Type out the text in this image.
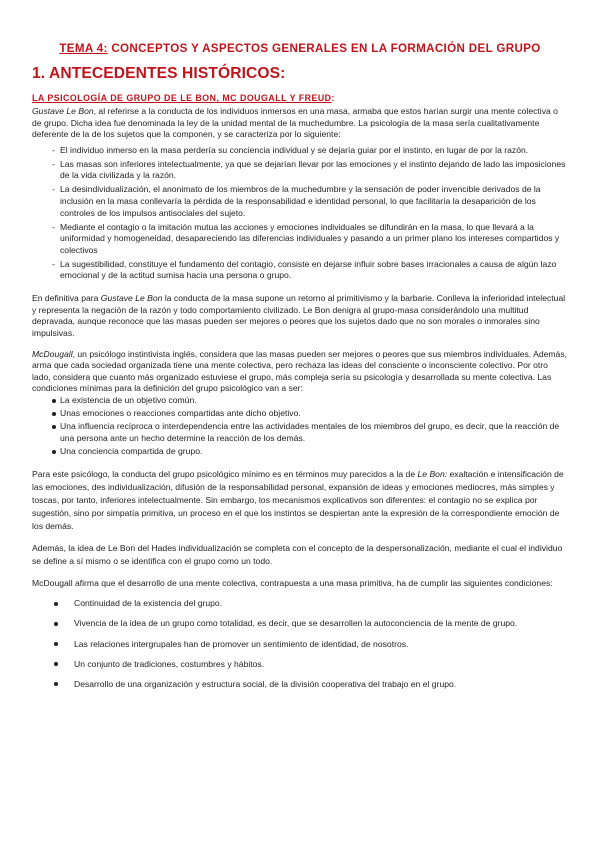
TEMA 4: CONCEPTOS Y ASPECTOS GENERALES EN LA FORMACIÓN DEL GRUPO
1. ANTECEDENTES HISTÓRICOS:
LA PSICOLOGÍA DE GRUPO DE LE BON, MC DOUGALL Y FREUD:

Gustave Le Bon, al referirse a la conducta de los individuos inmersos en una masa, armaba que estos harían surgir una mente colectiva o de grupo. Dicha idea fue denominada la ley de la unidad mental de la muchedumbre. La psicología de la masa sería cualitativamente deferente de la de los sujetos que la componen, y se caracteriza por lo siguiente:

- El individuo inmerso en la masa perdería su conciencia individual y se dejaría guiar por el instinto, en lugar de por la razón.
- Las masas son inferiores intelectualmente, ya que se dejarían llevar por las emociones y el instinto dejando de lado las imposiciones de la vida civilizada y la razón.
- La desindividualización, el anonimato de los miembros de la muchedumbre y la sensación de poder invencible derivados de la inclusión en la masa conllevaría la pérdida de la responsabilidad e identidad personal, lo que facilitaría la desaparición de los controles de los impulsos antisociales del sujeto.
- Mediante el contagio o la imitación mutua las acciones y emociones individuales se difundirán en la masa, lo que llevará a la uniformidad y homogeneidad, desapareciendo las diferencias individuales y pasando a un primer plano los intereses compartidos y colectivos
- La sugestibilidad, constituye el fundamento del contagio, consiste en dejarse influir sobre bases irracionales a causa de algún lazo emocional y de la actitud sumisa hacia una persona o grupo.

En definitiva para Gustave Le Bon la conducta de la masa supone un retorno al primitivismo y la barbarie. Conlleva la inferioridad intelectual y representa la negación de la razón y todo comportamiento civilizado. Le Bon denigra al grupo-masa considerándolo una multitud depravada, aunque reconoce que las masas pueden ser mejores o peores que los sujetos dado que no son morales o inmorales sino impulsivas.

McDougall, un psicólogo instintivista inglés, considera que las masas pueden ser mejores o peores que sus miembros individuales. Además, arma que cada sociedad organizada tiene una mente colectiva, pero rechaza las ideas del consciente o inconsciente colectivo. Por otro lado, considera que cuanto más organizado estuviese el grupo, más compleja sería su psicología y desarrollada su mente colectiva. Las condiciones mínimas para la definición del grupo psicológico van a ser:

La existencia de un objetivo común.
Unas emociones o reacciones compartidas ante dicho objetivo.
Una influencia recíproca o interdependencia entre las actividades mentales de los miembros del grupo, es decir, que la reacción de una persona ante un hecho determine la reacción de los demás.
Una conciencia compartida de grupo.

Para este psicólogo, la conducta del grupo psicológico mínimo es en términos muy parecidos a la de Le Bon: exaltación e intensificación de las emociones, des individualización, difusión de la responsabilidad personal, expansión de ideas y emociones mediocres, más simples y toscas, por tanto, inferiores intelectualmente. Sin embargo, los mecanismos explicativos son diferentes: el contagio no se explica por sugestión, sino por simpatía primitiva, un proceso en el que los instintos se despiertan ante la expresión de la correspondiente emoción de los demás.

Además, la idea de Le Bon del Hades individualización se completa con el concepto de la despersonalización, mediante el cual el individuo se define a sí mismo o se identifica con el grupo como un todo.

McDougall afirma que el desarrollo de una mente colectiva, contrapuesta a una masa primitiva, ha de cumplir las siguientes condiciones:

Continuidad de la existencia del grupo.
Vivencia de la idea de un grupo como totalidad, es decir, que se desarrollen la autoconciencia de la mente de grupo.
Las relaciones intergrupales han de promover un sentimiento de identidad, de nosotros.
Un conjunto de tradiciones, costumbres y hábitos.
Desarrollo de una organización y estructura social, de la división cooperativa del trabajo en el grupo.
